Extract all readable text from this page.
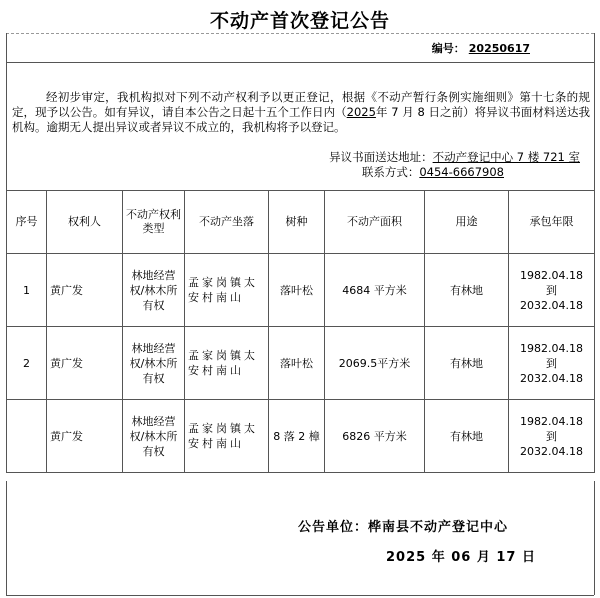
不动产首次登记公告
编号： 20250617
经初步审定，我机构拟对下列不动产权利予以更正登记，根据《不动产暂行条例实施细则》第十七条的规定，现予以公告。如有异议，请自本公告之日起十五个工作日内（2025年 7 月 8 日之前）将异议书面材料送达我机构。逾期无人提出异议或者异议不成立的，我机构将予以登记。
异议书面送达地址：不动产登记中心 7 楼 721 室
联系方式：0454-6667908
序号	权利人	不动产权利类型	不动产坐落	树种	不动产面积	用途	承包年限
1	黄广发	林地经营权/林木所有权	孟家岗镇太安村南山	落叶松	4684 平方米	有林地	1982.04.18
到
2032.04.18

2	黄广发	林地经营权/林木所有权	孟家岗镇太安村南山	落叶松	2069.5平方米	有林地	1982.04.18
到
2032.04.18

	黄广发	林地经营权/林木所有权	孟家岗镇太安村南山	8 落 2 樟	6826 平方米	有林地	1982.04.18
到
2032.04.18
公告单位：桦南县不动产登记中心
2025 年 06 月 17 日
